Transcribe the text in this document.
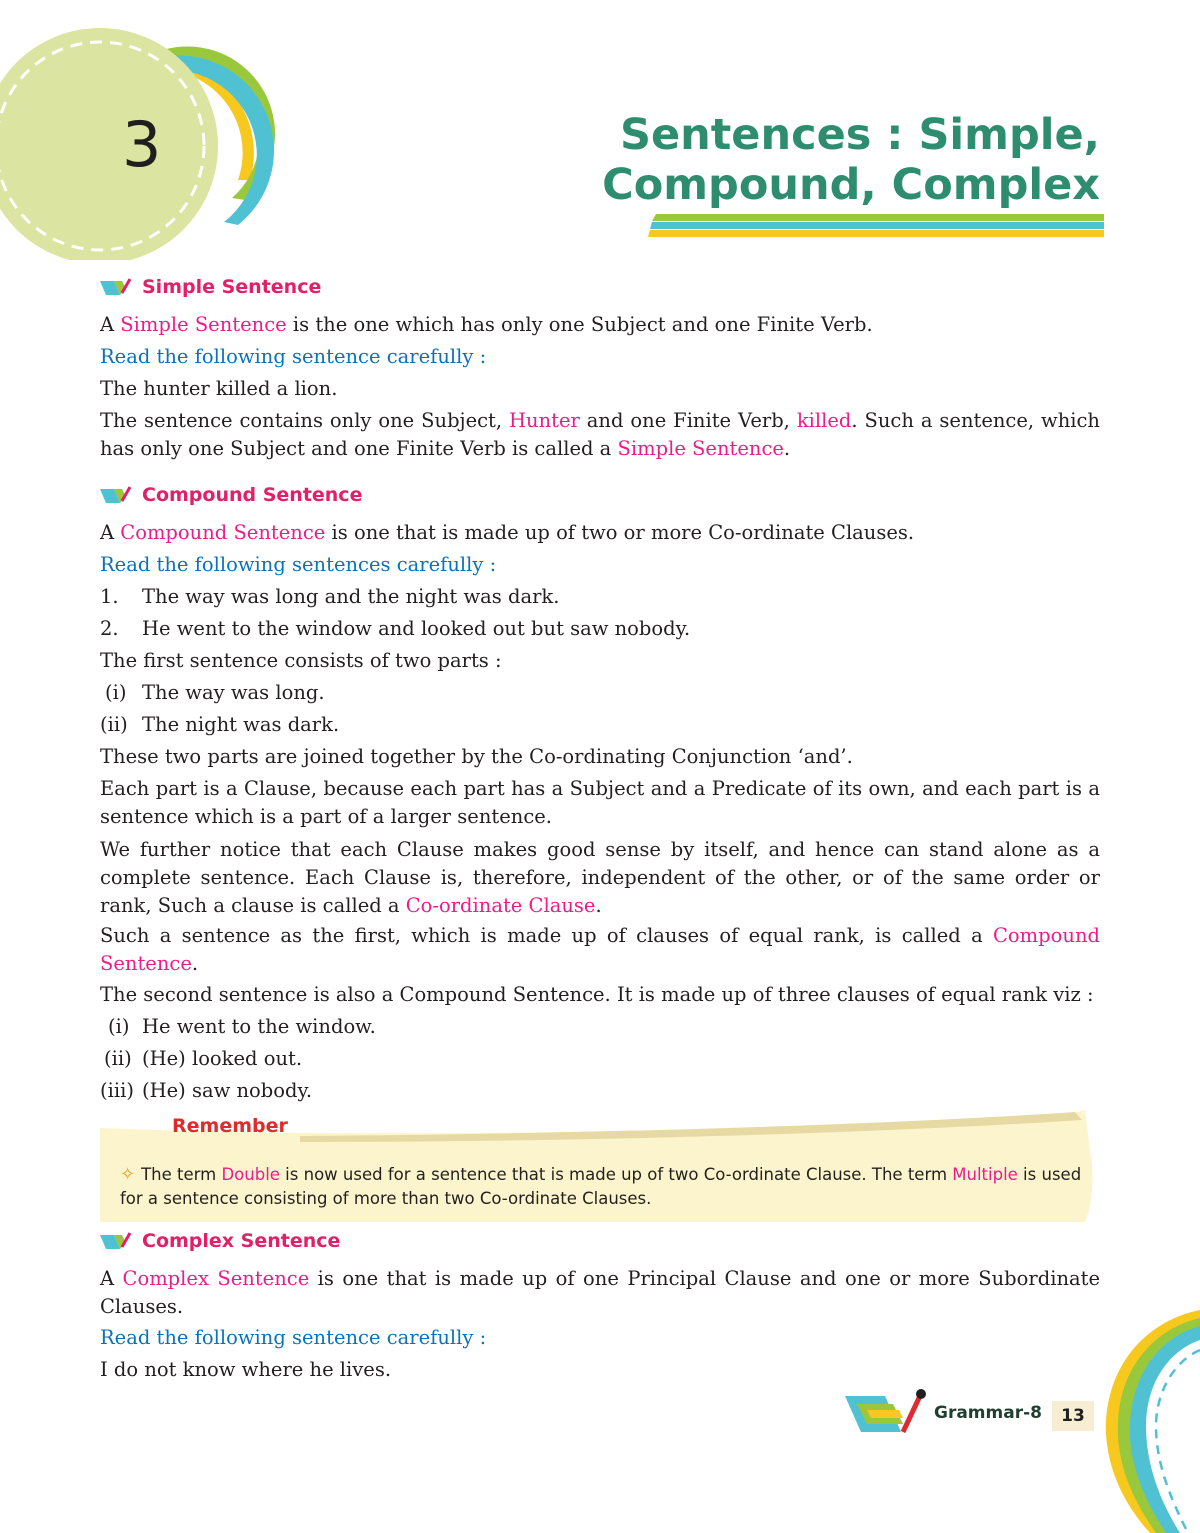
3	Sentences : Simple,
Compound, Complex
Simple Sentence

A Simple Sentence is the one which has only one Subject and one Finite Verb.

Read the following sentence carefully :

The hunter killed a lion.

The sentence contains only one Subject, Hunter and one Finite Verb, killed. Such a sentence, which has only one Subject and one Finite Verb is called a Simple Sentence.

Compound Sentence

A Compound Sentence is one that is made up of two or more Co-ordinate Clauses.

Read the following sentences carefully :

1. The way was long and the night was dark.

2. He went to the window and looked out but saw nobody.

The first sentence consists of two parts :

(i) The way was long.

(ii) The night was dark.

These two parts are joined together by the Co-ordinating Conjunction ‘and’.

Each part is a Clause, because each part has a Subject and a Predicate of its own, and each part is a sentence which is a part of a larger sentence.

We further notice that each Clause makes good sense by itself, and hence can stand alone as a complete sentence. Each Clause is, therefore, independent of the other, or of the same order or rank, Such a clause is called a Co-ordinate Clause.

Such a sentence as the first, which is made up of clauses of equal rank, is called a Compound Sentence.

The second sentence is also a Compound Sentence. It is made up of three clauses of equal rank viz :

(i) He went to the window.

(ii) (He) looked out.

(iii) (He) saw nobody.

Remember
✧ The term Double is now used for a sentence that is made up of two Co-ordinate Clause. The term Multiple is used for a sentence consisting of more than two Co-ordinate Clauses.
Complex Sentence

A Complex Sentence is one that is made up of one Principal Clause and one or more Subordinate Clauses.

Read the following sentence carefully :

I do not know where he lives.

Grammar-8	13
